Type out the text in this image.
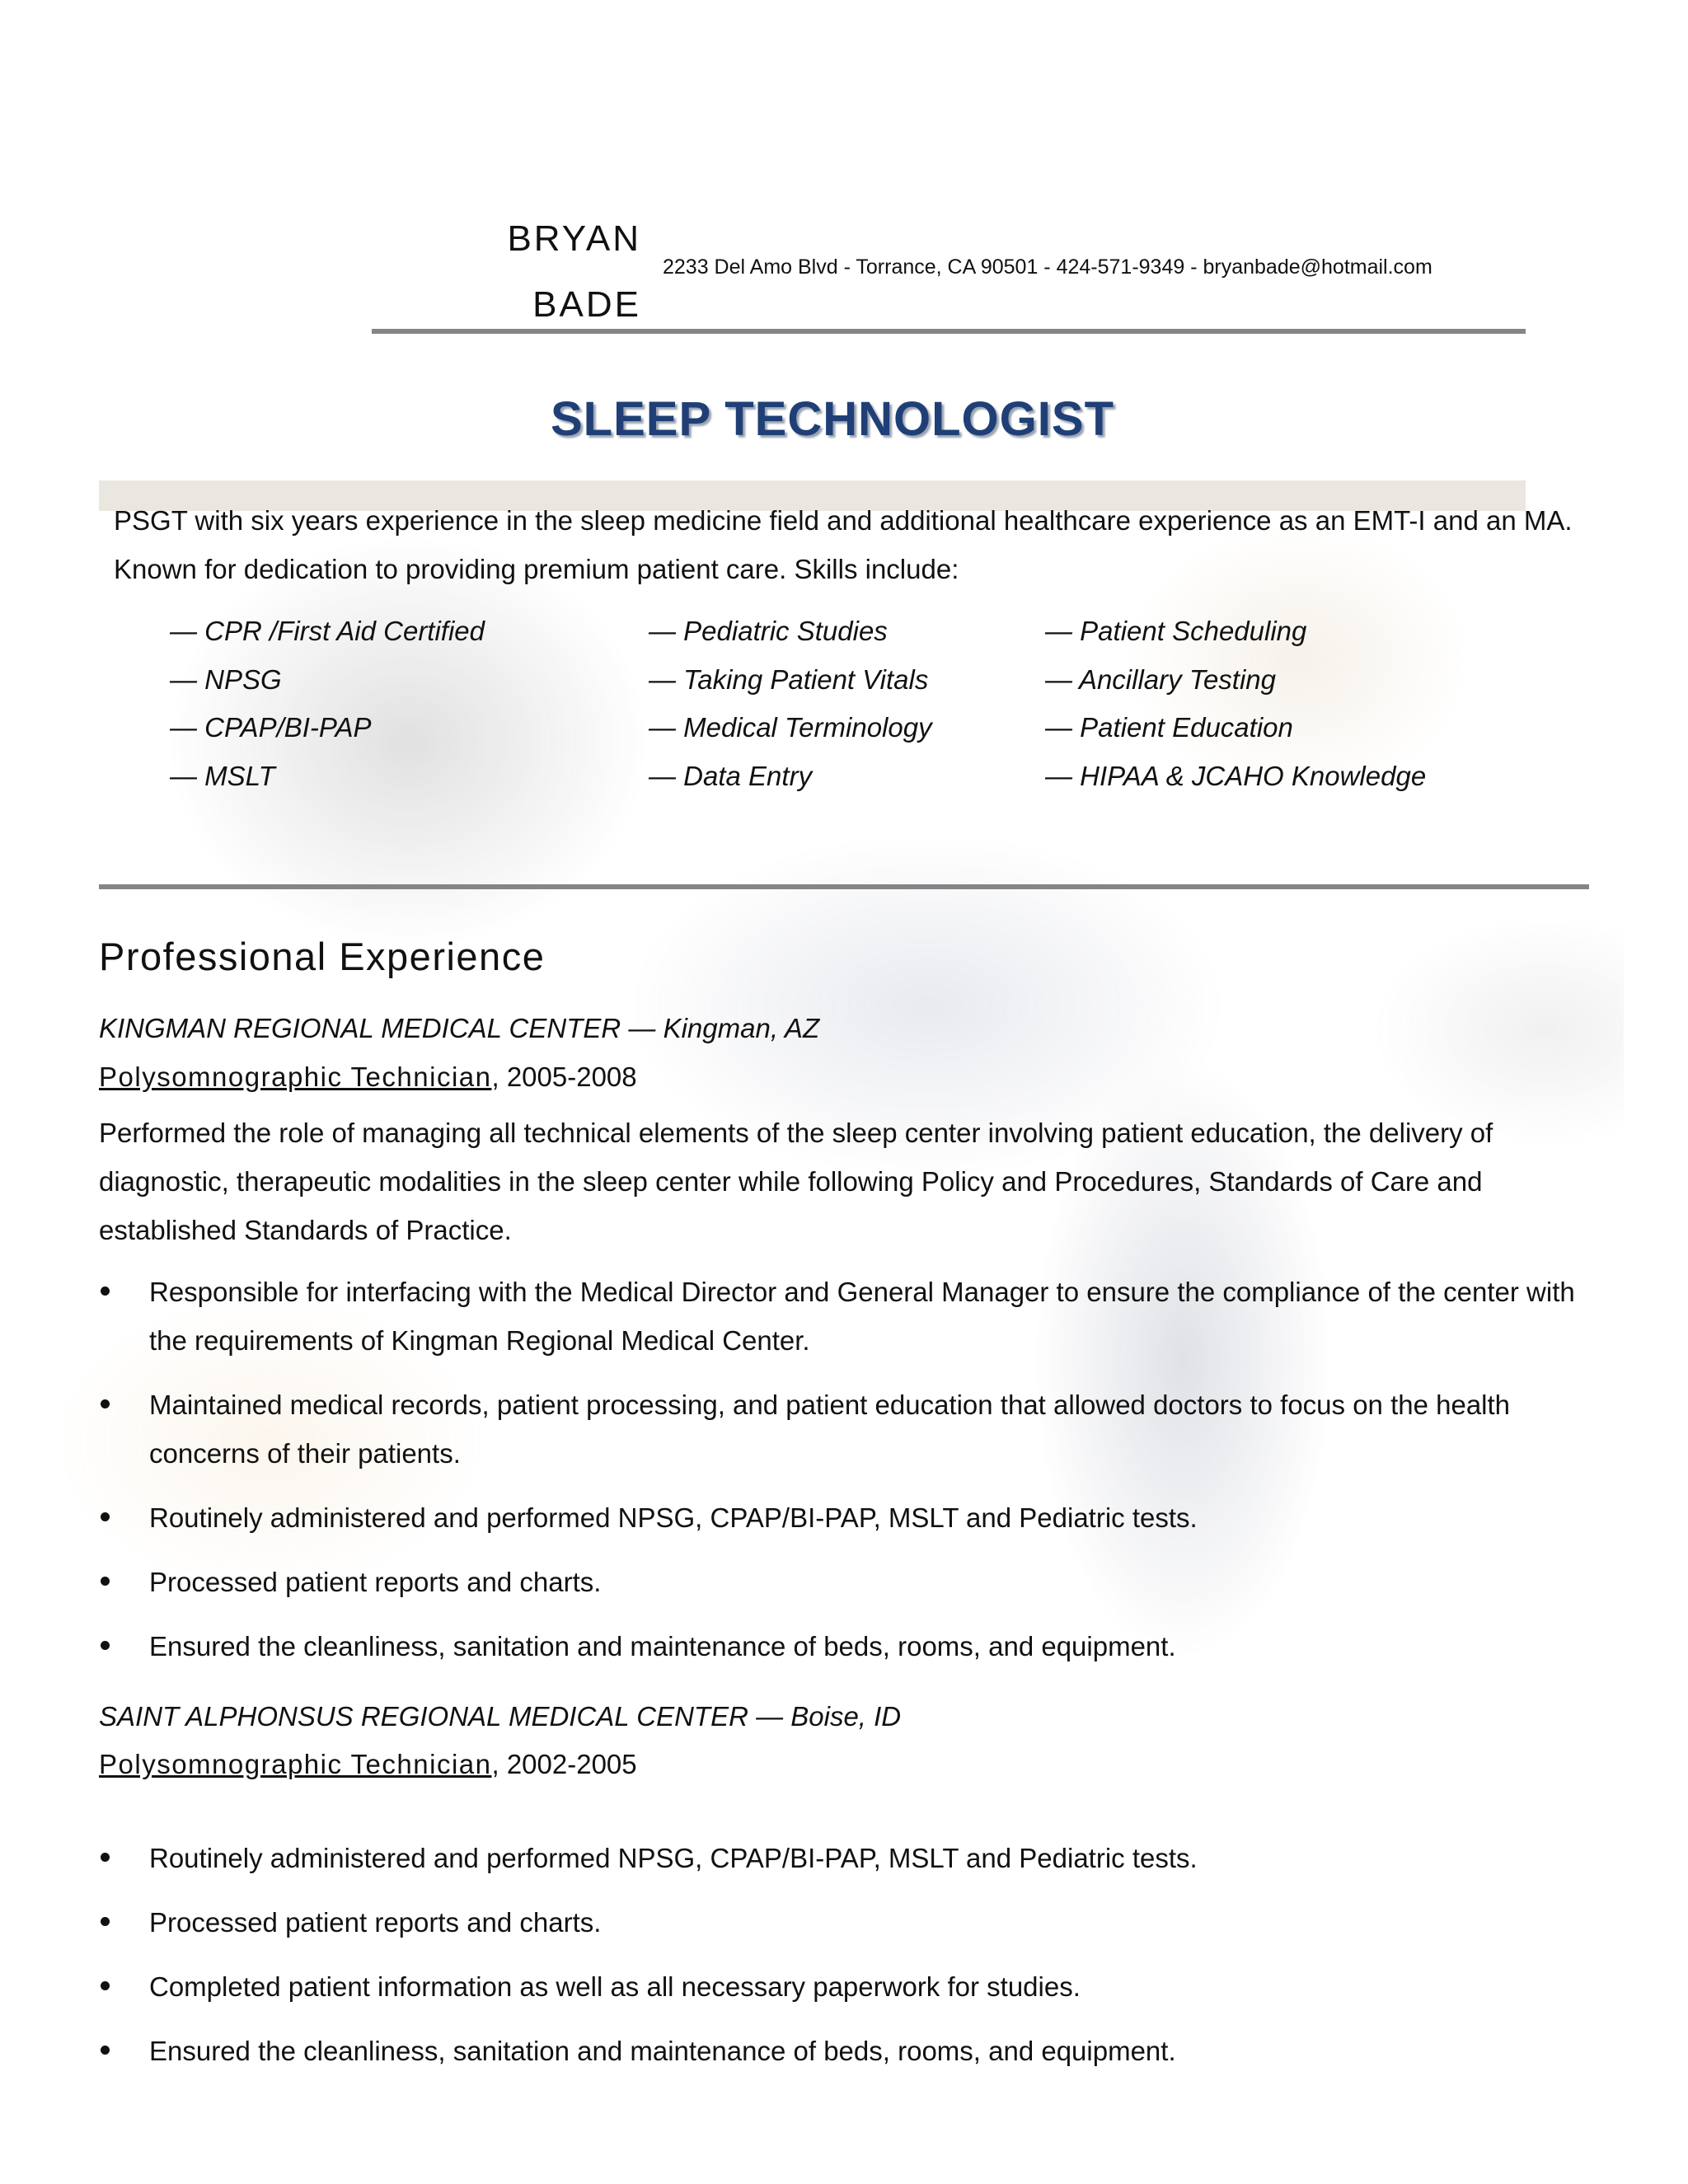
BRYAN
BADE
2233 Del Amo Blvd - Torrance, CA 90501 - 424-571-9349 - bryanbade@hotmail.com
SLEEP TECHNOLOGIST
PSGT with six years experience in the sleep medicine field and additional healthcare experience as an EMT-I and an MA. Known for dedication to providing premium patient care. Skills include:
— CPR /First Aid Certified
— NPSG
— CPAP/BI-PAP
— MSLT
— Pediatric Studies
— Taking Patient Vitals
— Medical Terminology
— Data Entry
— Patient Scheduling
— Ancillary Testing
— Patient Education
— HIPAA & JCAHO Knowledge
Professional Experience
KINGMAN REGIONAL MEDICAL CENTER — Kingman, AZ
Polysomnographic Technician, 2005-2008
Performed the role of managing all technical elements of the sleep center involving patient education, the delivery of diagnostic, therapeutic modalities in the sleep center while following Policy and Procedures, Standards of Care and established Standards of Practice.
Responsible for interfacing with the Medical Director and General Manager to ensure the compliance of the center with the requirements of Kingman Regional Medical Center.
Maintained medical records, patient processing, and patient education that allowed doctors to focus on the health concerns of their patients.
Routinely administered and performed NPSG, CPAP/BI-PAP, MSLT and Pediatric tests.
Processed patient reports and charts.
Ensured the cleanliness, sanitation and maintenance of beds, rooms, and equipment.
SAINT ALPHONSUS REGIONAL MEDICAL CENTER — Boise, ID
Polysomnographic Technician, 2002-2005
Routinely administered and performed NPSG, CPAP/BI-PAP, MSLT and Pediatric tests.
Processed patient reports and charts.
Completed patient information as well as all necessary paperwork for studies.
Ensured the cleanliness, sanitation and maintenance of beds, rooms, and equipment.
